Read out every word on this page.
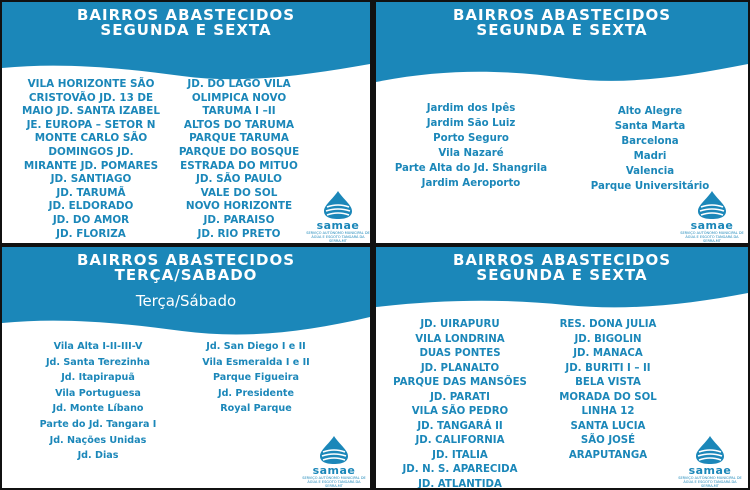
BAIRROS ABASTECIDOS
SEGUNDA E SEXTA
VILA HORIZONTE SÃO
CRISTOVÃO JD. 13 DE
MAIO JD. SANTA IZABEL
JE. EUROPA – SETOR N
MONTE CARLO SÃO
DOMINGOS JD.
MIRANTE JD. POMARES
JD. SANTIAGO
JD. TARUMÃ
JD. ELDORADO
JD. DO AMOR
JD. FLORIZA
JD. DO LAGO VILA
OLIMPICA NOVO
TARUMA I –II
ALTOS DO TARUMA
PARQUE TARUMA
PARQUE DO BOSQUE
ESTRADA DO MITUO
JD. SÃO PAULO
VALE DO SOL
NOVO HORIZONTE
JD. PARAISO
JD. RIO PRETO
samae
SERVIÇO AUTÔNOMO MUNICIPAL DE ÁGUA E ESGOTO TANGARÁ DA SERRA-MT
BAIRROS ABASTECIDOS
SEGUNDA E SEXTA
Jardim dos Ipês
Jardim São Luiz
Porto Seguro
Vila Nazaré
Parte Alta do Jd. Shangrila
Jardim Aeroporto
Alto Alegre
Santa Marta
Barcelona
Madri
Valencia
Parque Universitário
samae
SERVIÇO AUTÔNOMO MUNICIPAL DE ÁGUA E ESGOTO TANGARÁ DA SERRA-MT
BAIRROS ABASTECIDOS
TERÇA/SABADO
Terça/Sábado
Vila Alta I-II-III-V
Jd. Santa Terezinha
Jd. Itapirapuã
Vila Portuguesa
Jd. Monte Líbano
Parte do Jd. Tangara I
Jd. Nações Unidas
Jd. Dias
Jd. San Diego I e II
Vila Esmeralda I e II
Parque Figueira
Jd. Presidente
Royal Parque
samae
SERVIÇO AUTÔNOMO MUNICIPAL DE ÁGUA E ESGOTO TANGARÁ DA SERRA-MT
BAIRROS ABASTECIDOS
SEGUNDA E SEXTA
JD. UIRAPURU
VILA LONDRINA
DUAS PONTES
JD. PLANALTO
PARQUE DAS MANSÕES
JD. PARATI
VILA SÃO PEDRO
JD. TANGARÁ II
JD. CALIFORNIA
JD. ITALIA
JD. N. S. APARECIDA
JD. ATLANTIDA
RES. DONA JULIA
JD. BIGOLIN
JD. MANACA
JD. BURITI I – II
BELA VISTA
MORADA DO SOL
LINHA 12
SANTA LUCIA
SÃO JOSÉ
ARAPUTANGA
samae
SERVIÇO AUTÔNOMO MUNICIPAL DE ÁGUA E ESGOTO TANGARÁ DA SERRA-MT
